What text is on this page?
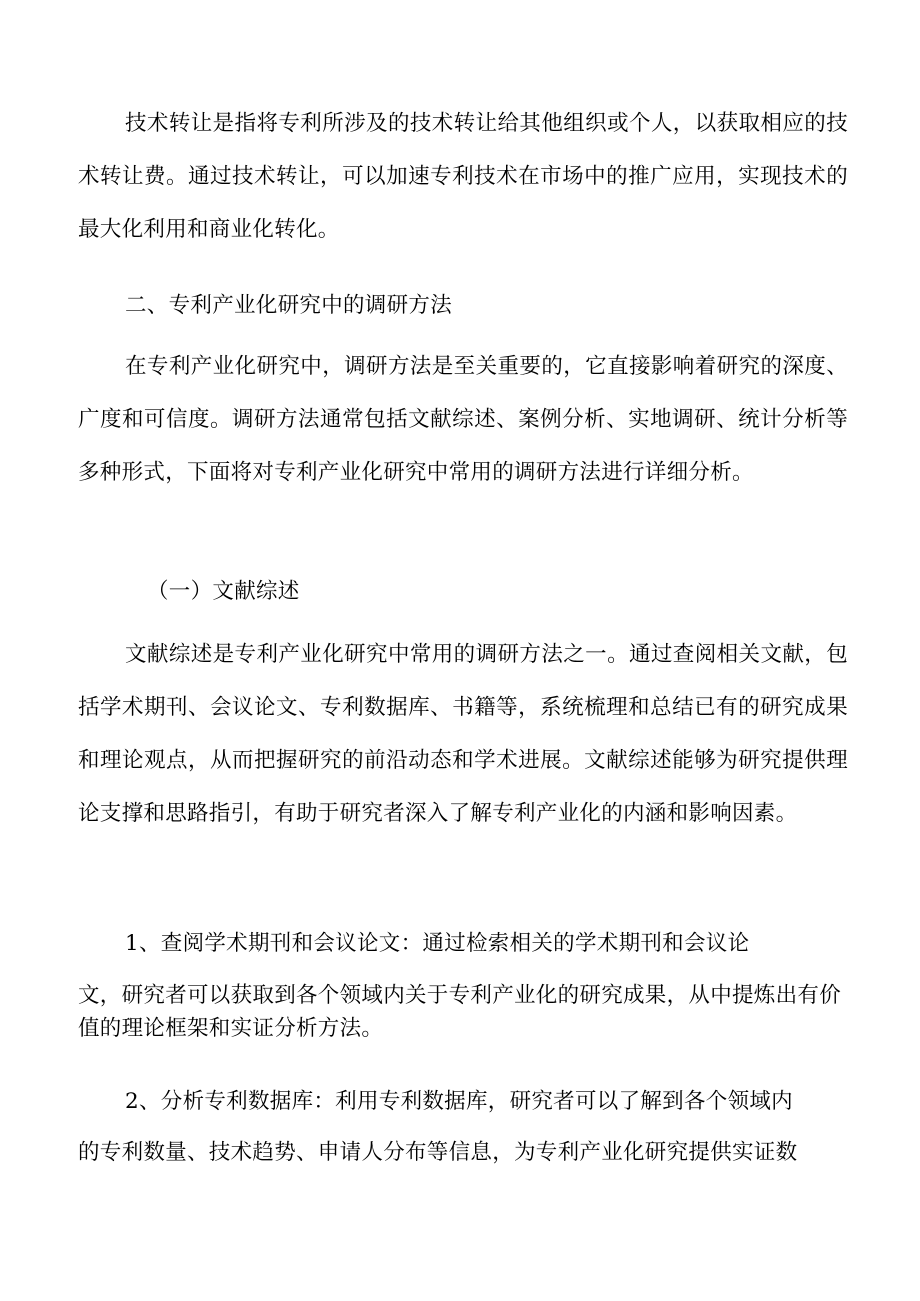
技术转让是指将专利所涉及的技术转让给其他组织或个人，以获取相应的技术转让费。通过技术转让，可以加速专利技术在市场中的推广应用，实现技术的最大化利用和商业化转化。

二、专利产业化研究中的调研方法

在专利产业化研究中，调研方法是至关重要的，它直接影响着研究的深度、广度和可信度。调研方法通常包括文献综述、案例分析、实地调研、统计分析等多种形式，下面将对专利产业化研究中常用的调研方法进行详细分析。

（一）文献综述

文献综述是专利产业化研究中常用的调研方法之一。通过查阅相关文献，包括学术期刊、会议论文、专利数据库、书籍等，系统梳理和总结已有的研究成果和理论观点，从而把握研究的前沿动态和学术进展。文献综述能够为研究提供理论支撑和思路指引，有助于研究者深入了解专利产业化的内涵和影响因素。

1、查阅学术期刊和会议论文：通过检索相关的学术期刊和会议论

文，研究者可以获取到各个领域内关于专利产业化的研究成果，从中提炼出有价值的理论框架和实证分析方法。

2、分析专利数据库：利用专利数据库，研究者可以了解到各个领域内

的专利数量、技术趋势、申请人分布等信息，为专利产业化研究提供实证数
